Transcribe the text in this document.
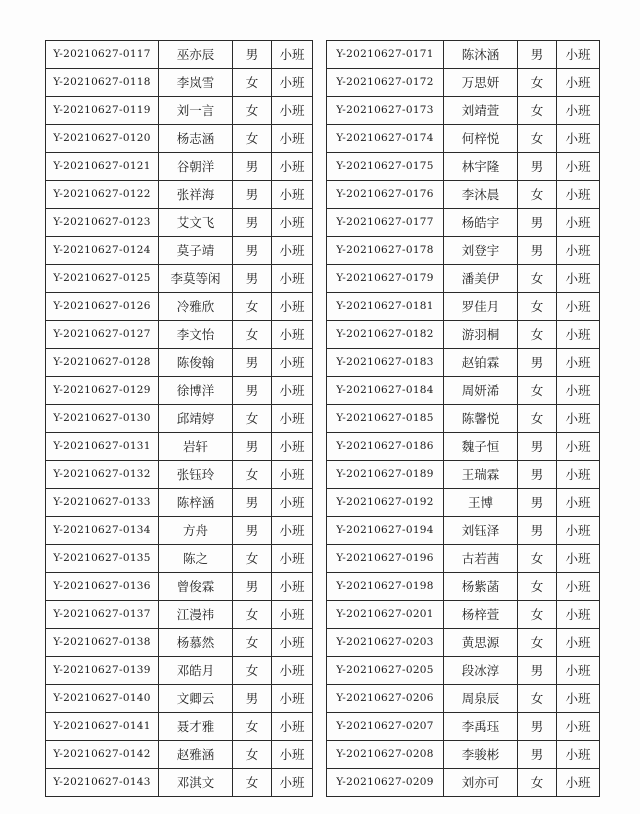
Y-20210627-0117	巫亦辰	男	小班
Y-20210627-0118	李岚雪	女	小班
Y-20210627-0119	刘一言	女	小班
Y-20210627-0120	杨志涵	女	小班
Y-20210627-0121	谷朝洋	男	小班
Y-20210627-0122	张祥海	男	小班
Y-20210627-0123	艾文飞	男	小班
Y-20210627-0124	莫子靖	男	小班
Y-20210627-0125	李莫等闲	男	小班
Y-20210627-0126	冷雅欣	女	小班
Y-20210627-0127	李文怡	女	小班
Y-20210627-0128	陈俊翰	男	小班
Y-20210627-0129	徐博洋	男	小班
Y-20210627-0130	邱靖婷	女	小班
Y-20210627-0131	岩轩	男	小班
Y-20210627-0132	张钰玲	女	小班
Y-20210627-0133	陈梓涵	男	小班
Y-20210627-0134	方舟	男	小班
Y-20210627-0135	陈之	女	小班
Y-20210627-0136	曾俊霖	男	小班
Y-20210627-0137	江漫祎	女	小班
Y-20210627-0138	杨慕然	女	小班
Y-20210627-0139	邓皓月	女	小班
Y-20210627-0140	文卿云	男	小班
Y-20210627-0141	聂才雅	女	小班
Y-20210627-0142	赵雅涵	女	小班
Y-20210627-0143	邓淇文	女	小班
Y-20210627-0171	陈沐涵	男	小班
Y-20210627-0172	万思妍	女	小班
Y-20210627-0173	刘靖萱	女	小班
Y-20210627-0174	何梓悦	女	小班
Y-20210627-0175	林宇隆	男	小班
Y-20210627-0176	李沐晨	女	小班
Y-20210627-0177	杨皓宇	男	小班
Y-20210627-0178	刘登宇	男	小班
Y-20210627-0179	潘美伊	女	小班
Y-20210627-0181	罗佳月	女	小班
Y-20210627-0182	游羽桐	女	小班
Y-20210627-0183	赵铂霖	男	小班
Y-20210627-0184	周妍浠	女	小班
Y-20210627-0185	陈馨悦	女	小班
Y-20210627-0186	魏子恒	男	小班
Y-20210627-0189	王瑞霖	男	小班
Y-20210627-0192	王博	男	小班
Y-20210627-0194	刘钰泽	男	小班
Y-20210627-0196	古若茜	女	小班
Y-20210627-0198	杨紫菡	女	小班
Y-20210627-0201	杨梓萱	女	小班
Y-20210627-0203	黄思源	女	小班
Y-20210627-0205	段冰淳	男	小班
Y-20210627-0206	周泉辰	女	小班
Y-20210627-0207	李禹珏	男	小班
Y-20210627-0208	李骏彬	男	小班
Y-20210627-0209	刘亦可	女	小班
